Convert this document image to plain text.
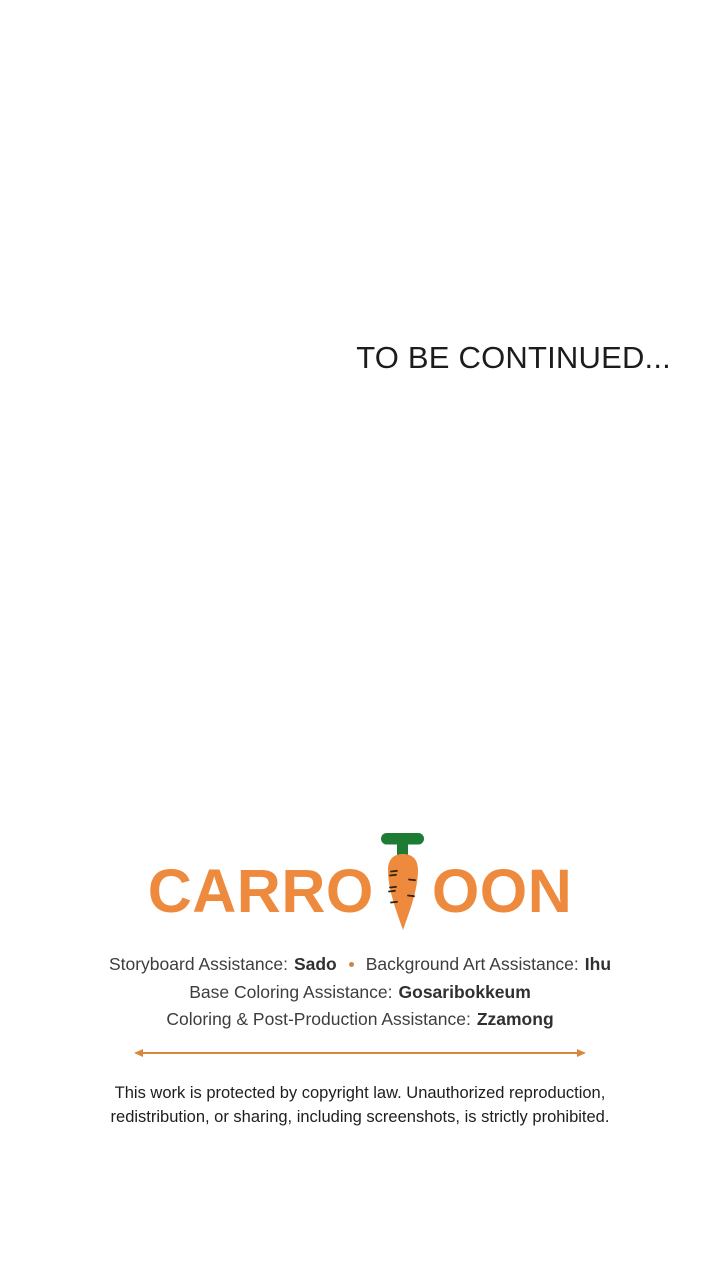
TO BE CONTINUED...
CARRO OON
Storyboard Assistance: Sado Background Art Assistance: Ihu
Base Coloring Assistance: Gosaribokkeum
Coloring & Post-Production Assistance: Zzamong
This work is protected by copyright law. Unauthorized reproduction,
redistribution, or sharing, including screenshots, is strictly prohibited.
